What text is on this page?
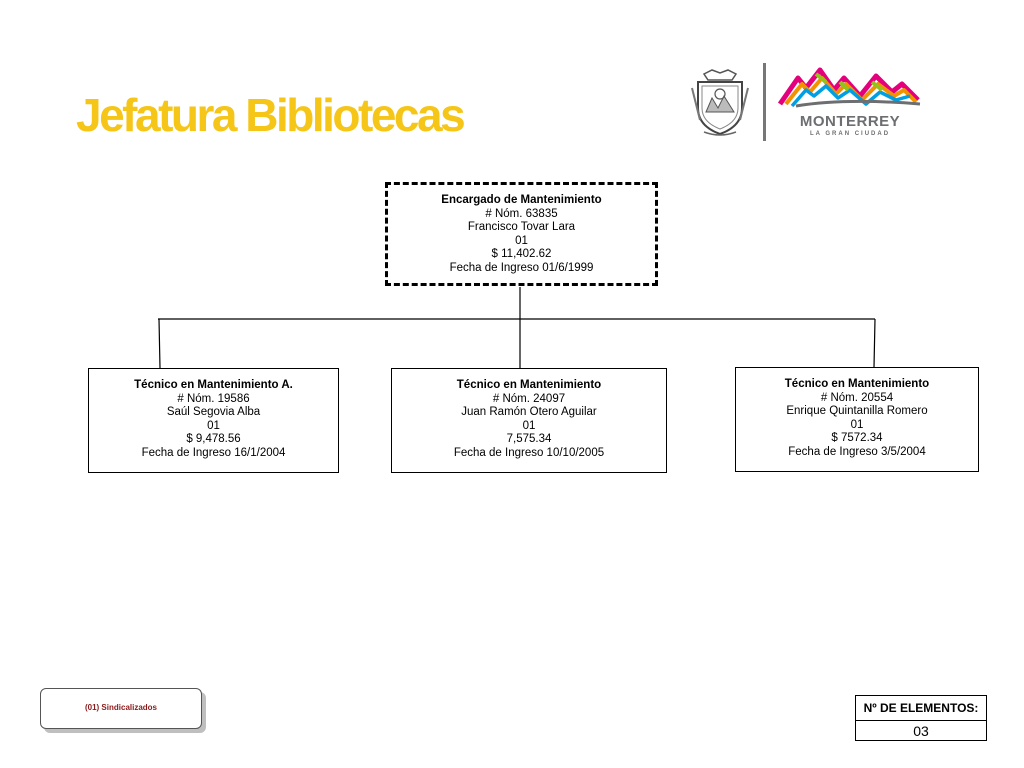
Jefatura Bibliotecas	MONTERREY
LA GRAN CIUDAD
Encargado de Mantenimiento
# Nóm. 63835
Francisco Tovar Lara
01
$ 11,402.62
Fecha de Ingreso 01/6/1999
Técnico en Mantenimiento A.
# Nóm. 19586
Saúl Segovia Alba
01
$ 9,478.56
Fecha de Ingreso 16/1/2004
Técnico en Mantenimiento
# Nóm. 24097
Juan Ramón Otero Aguilar
01
7,575.34
Fecha de Ingreso 10/10/2005
Técnico en Mantenimiento
# Nóm. 20554
Enrique Quintanilla Romero
01
$ 7572.34
Fecha de Ingreso 3/5/2004
(01) Sindicalizados	Nº DE ELEMENTOS:
03
